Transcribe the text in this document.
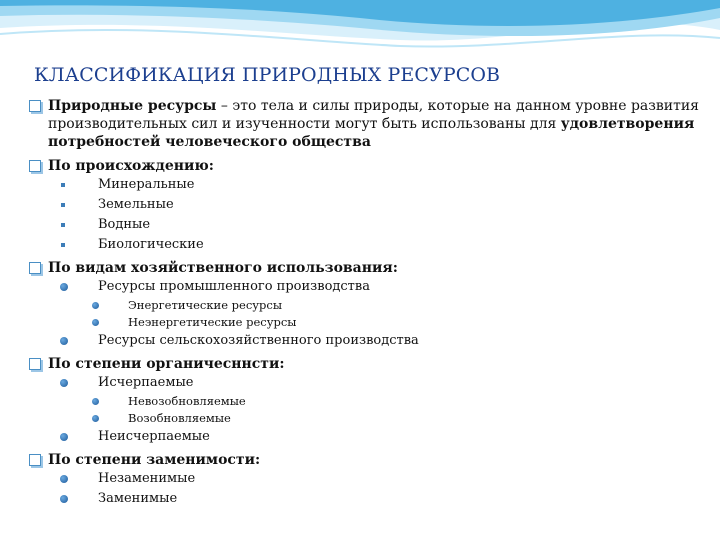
КЛАССИФИКАЦИЯ ПРИРОДНЫХ РЕСУРСОВ
Природные ресурсы – это тела и силы природы, которые на данном уровне развития производительных сил и изученности могут быть использованы для удовлетворения потребностей человеческого общества
По происхождению:
Минеральные
Земельные
Водные
Биологические
По видам хозяйственного использования:
Ресурсы промышленного производства
Энергетические ресурсы
Неэнергетические ресурсы
Ресурсы сельскохозяйственного производства
По степени органичесннсти:
Исчерпаемые
Невозобновляемые
Возобновляемые
Неисчерпаемые
По степени заменимости:
Незаменимые
Заменимые
